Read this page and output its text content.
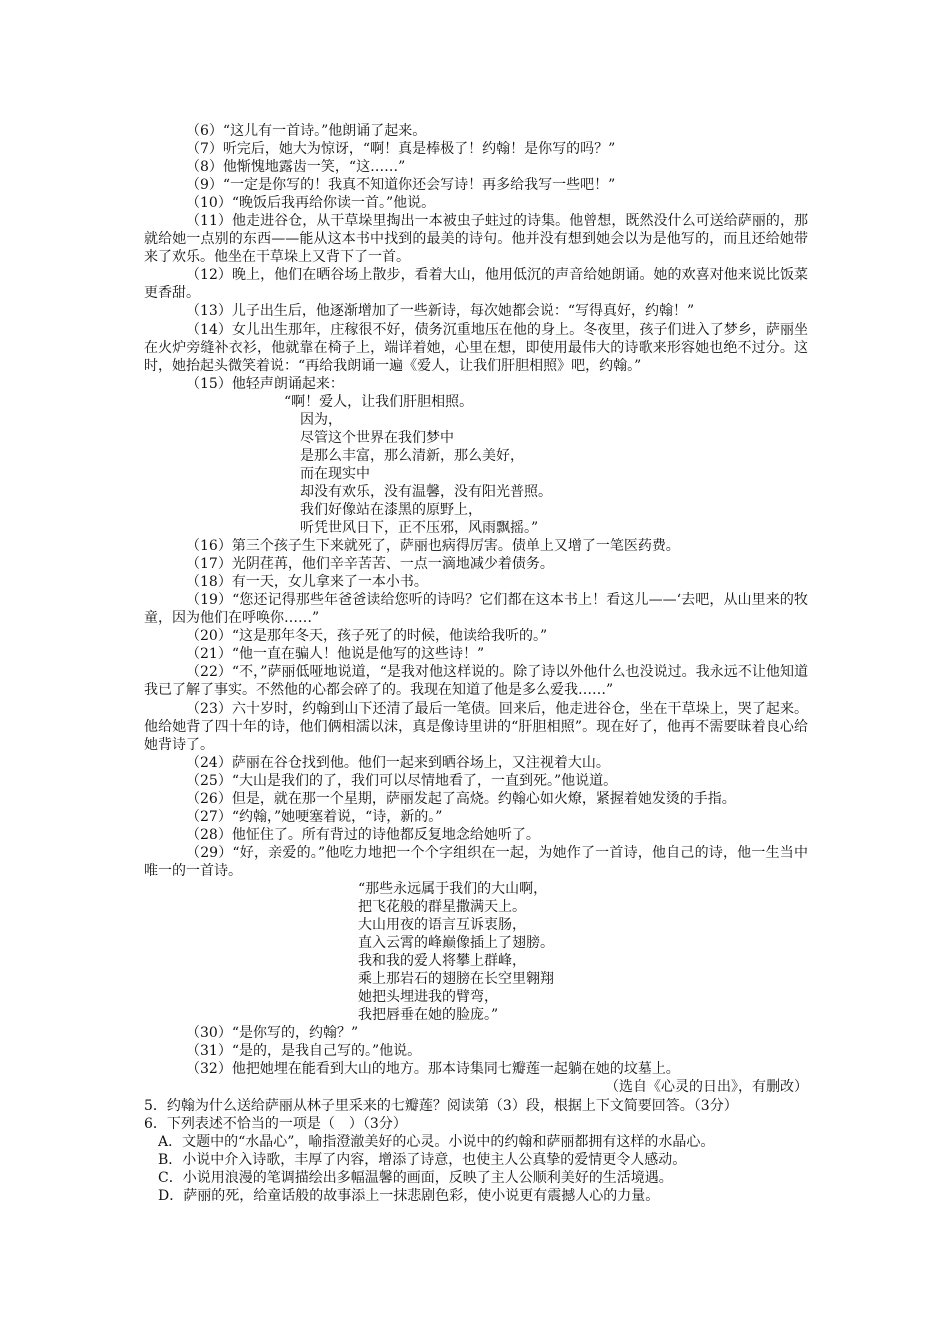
（6）“这儿有一首诗。”他朗诵了起来。

（7）听完后，她大为惊讶，“啊！真是棒极了！约翰！是你写的吗？”

（8）他惭愧地露齿一笑，“这……”

（9）“一定是你写的！我真不知道你还会写诗！再多给我写一些吧！”

（10）“晚饭后我再给你读一首。”他说。

（11）他走进谷仓，从干草垛里掏出一本被虫子蛀过的诗集。他曾想，既然没什么可送给萨丽的，那就给她一点别的东西——能从这本书中找到的最美的诗句。他并没有想到她会以为是他写的，而且还给她带来了欢乐。他坐在干草垛上又背下了一首。

（12）晚上，他们在晒谷场上散步，看着大山，他用低沉的声音给她朗诵。她的欢喜对他来说比饭菜更香甜。

（13）儿子出生后，他逐渐增加了一些新诗，每次她都会说：“写得真好，约翰！”

（14）女儿出生那年，庄稼很不好，债务沉重地压在他的身上。冬夜里，孩子们进入了梦乡，萨丽坐在火炉旁缝补衣衫，他就靠在椅子上，端详着她，心里在想，即使用最伟大的诗歌来形容她也绝不过分。这时，她抬起头微笑着说：“再给我朗诵一遍《爱人，让我们肝胆相照》吧，约翰。”

（15）他轻声朗诵起来：

“啊！爱人，让我们肝胆相照。
因为，
尽管这个世界在我们梦中
是那么丰富，那么清新，那么美好，
而在现实中
却没有欢乐，没有温馨，没有阳光普照。
我们好像站在漆黑的原野上，
听凭世风日下，正不压邪，风雨飘摇。”

（16）第三个孩子生下来就死了，萨丽也病得厉害。债单上又增了一笔医药费。

（17）光阴荏苒，他们辛辛苦苦、一点一滴地减少着债务。

（18）有一天，女儿拿来了一本小书。

（19）“您还记得那些年爸爸读给您听的诗吗？它们都在这本书上！看这儿——‘去吧，从山里来的牧童，因为他们在呼唤你……”

（20）“这是那年冬天，孩子死了的时候，他读给我听的。”

（21）“他一直在骗人！他说是他写的这些诗！”

（22）“不，”萨丽低哑地说道，“是我对他这样说的。除了诗以外他什么也没说过。我永远不让他知道我已了解了事实。不然他的心都会碎了的。我现在知道了他是多么爱我……”

（23）六十岁时，约翰到山下还清了最后一笔债。回来后，他走进谷仓，坐在干草垛上，哭了起来。他给她背了四十年的诗，他们俩相濡以沫，真是像诗里讲的“肝胆相照”。现在好了，他再不需要昧着良心给她背诗了。

（24）萨丽在谷仓找到他。他们一起来到晒谷场上，又注视着大山。

（25）“大山是我们的了，我们可以尽情地看了，一直到死。”他说道。

（26）但是，就在那一个星期，萨丽发起了高烧。约翰心如火燎，紧握着她发烫的手指。

（27）“约翰，”她哽塞着说，“诗，新的。”

（28）他怔住了。所有背过的诗他都反复地念给她听了。

（29）“好，亲爱的。”他吃力地把一个个字组织在一起，为她作了一首诗，他自己的诗，他一生当中唯一的一首诗。

“那些永远属于我们的大山啊，
把飞花般的群星撒满天上。
大山用夜的语言互诉衷肠，
直入云霄的峰巅像插上了翅膀。
我和我的爱人将攀上群峰，
乘上那岩石的翅膀在长空里翱翔
她把头埋进我的臂弯，
我把唇垂在她的脸庞。”

（30）“是你写的，约翰？”

（31）“是的，是我自己写的。”他说。

（32）他把她埋在能看到大山的地方。那本诗集同七瓣莲一起躺在她的坟墓上。

（选自《心灵的日出》，有删改）

5．约翰为什么送给萨丽从林子里采来的七瓣莲？阅读第（3）段，根据上下文简要回答。（3分）

6．下列表述不恰当的一项是（　）（3分）

A．文题中的“水晶心”，喻指澄澈美好的心灵。小说中的约翰和萨丽都拥有这样的水晶心。

B．小说中介入诗歌，丰厚了内容，增添了诗意，也使主人公真挚的爱情更令人感动。

C．小说用浪漫的笔调描绘出多幅温馨的画面，反映了主人公顺利美好的生活境遇。

D．萨丽的死，给童话般的故事添上一抹悲剧色彩，使小说更有震撼人心的力量。
